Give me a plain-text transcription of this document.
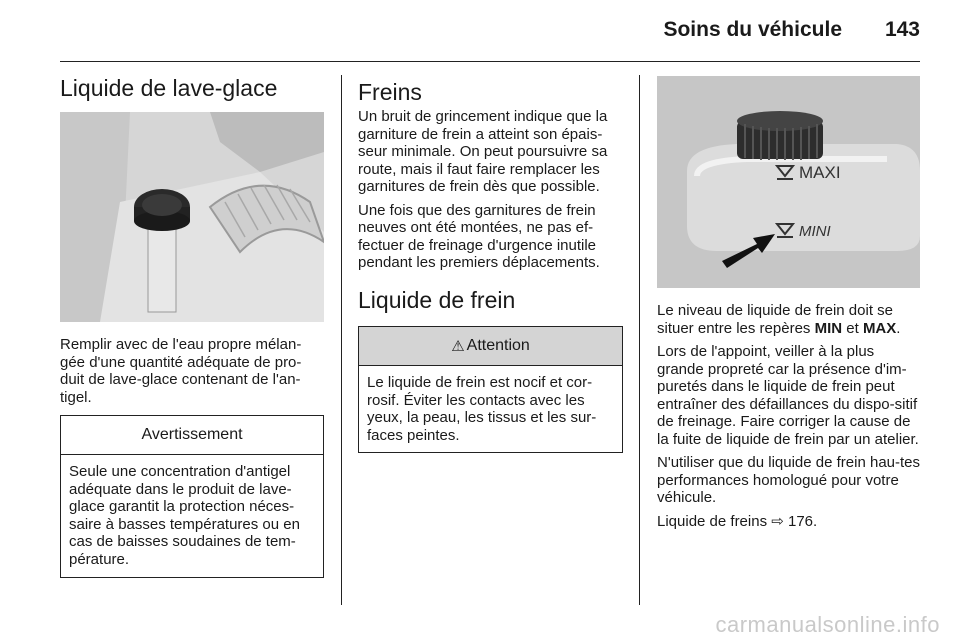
Soins du véhicule 143
Liquide de lave-glace

Remplir avec de l'eau propre mélan-gée d'une quantité adéquate de pro-duit de lave-glace contenant de l'an-tigel.

Avertissement
Seule une concentration d'antigel adéquate dans le produit de lave-glace garantit la protection néces-saire à basses températures ou en cas de baisses soudaines de tem-pérature.
Freins

Un bruit de grincement indique que la garniture de frein a atteint son épais-seur minimale. On peut poursuivre sa route, mais il faut faire remplacer les garnitures de frein dès que possible.

Une fois que des garnitures de frein neuves ont été montées, ne pas ef-fectuer de freinage d'urgence inutile pendant les premiers déplacements.

Liquide de frein
⚠ Attention
Le liquide de frein est nocif et cor-rosif. Éviter les contacts avec les yeux, la peau, les tissus et les sur-faces peintes.
MAXI
MINI

Le niveau de liquide de frein doit se situer entre les repères MIN et MAX.

Lors de l'appoint, veiller à la plus grande propreté car la présence d'im-puretés dans le liquide de frein peut entraîner des défaillances du dispo-sitif de freinage. Faire corriger la cause de la fuite de liquide de frein par un atelier.

N'utiliser que du liquide de frein hau-tes performances homologué pour votre véhicule.

Liquide de freins ⇨ 176.

carmanualsonline.info
